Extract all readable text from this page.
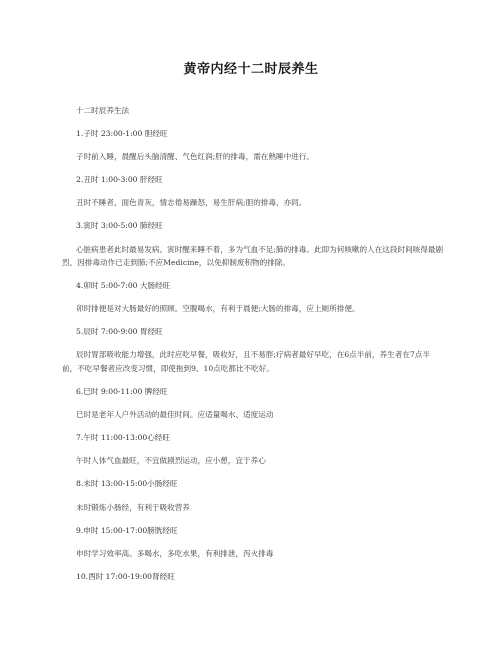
黄帝内经十二时辰养生

十二时辰养生法

1.子时 23:00-1:00 胆经旺

子时前入睡，晨醒后头脑清醒、气色红润;肝的排毒，需在熟睡中进行。

2.丑时 1:00-3:00 肝经旺

丑时不睡者，面色青灰，情志倦易躁怒，易生肝病;胆的排毒，亦同。

3.寅时 3:00-5:00 肺经旺

心脏病患者此时最易发病。寅时醒来睡不着，多为气血不足;肺的排毒。此即为何咳嗽的人在这段时间咳得最剧烈，因排毒动作已走到肺;不应Medicine，以免抑制废积物的排除。

4.卯时 5:00-7:00 大肠经旺

卯时排便是对大肠最好的照顾。空腹喝水，有利于晨便;大肠的排毒，应上厕所排便。

5.辰时 7:00-9:00 胃经旺

辰时胃部吸收能力增强，此时应吃早餐，吸收好，且不易胖;疗病者最好早吃，在6点半前，养生者在7点半前，不吃早餐者应改变习惯，即使拖到9、10点吃都比不吃好。

6.巳时 9:00-11:00 脾经旺

巳时是老年人户外活动的最佳时间。应适量喝水、适度运动

7.午时 11:00-13:00心经旺

午时人体气血最旺，不宜做剧烈运动，应小憩，宜于养心

8.未时 13:00-15:00小肠经旺

未时锻炼小肠经，有利于吸收营养

9.申时 15:00-17:00膀胱经旺

申时学习效率高。多喝水，多吃水果，有利排泄，泻火排毒

10.酉时 17:00-19:00肾经旺
